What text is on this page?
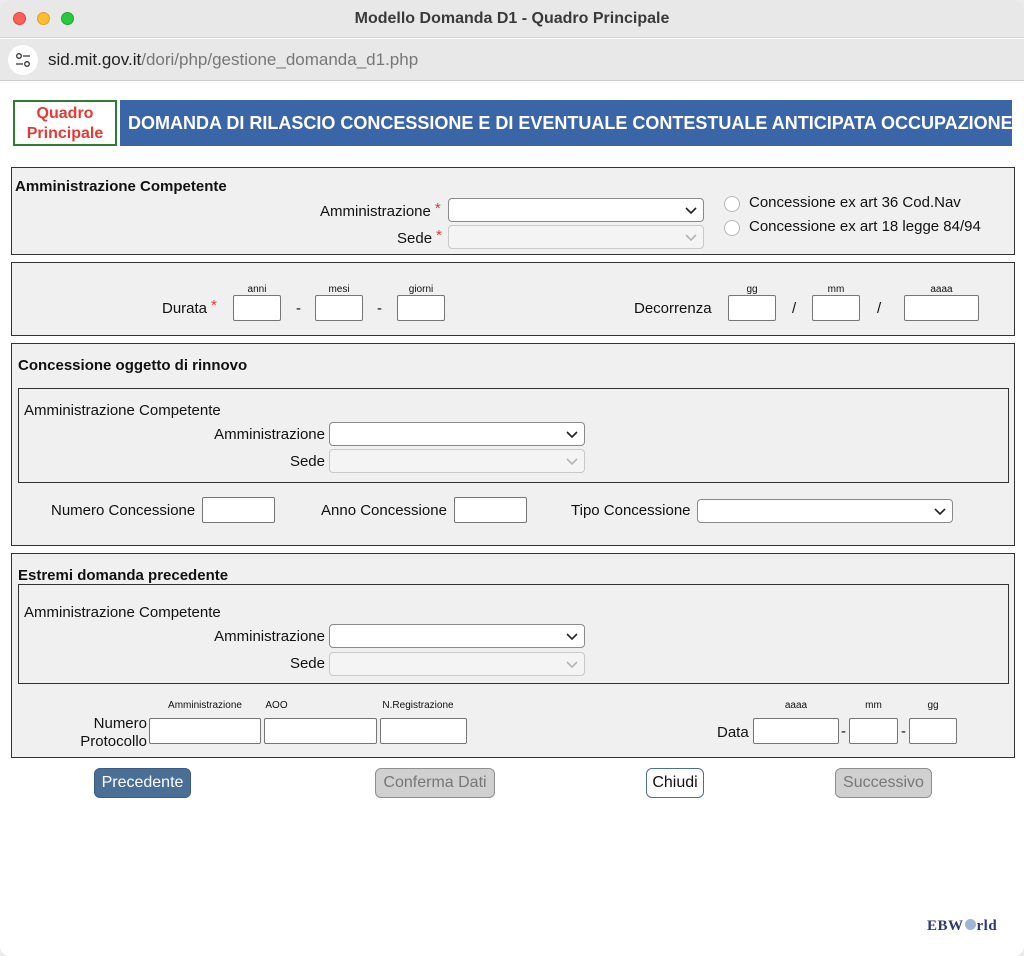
Modello Domanda D1 - Quadro Principale
sid.mit.gov.it/dori/php/gestione_domanda_d1.php
Quadro
Principale
DOMANDA DI RILASCIO CONCESSIONE E DI EVENTUALE CONTESTUALE ANTICIPATA OCCUPAZIONE
Amministrazione Competente
Amministrazione *
Sede *
Concessione ex art 36 Cod.Nav
Concessione ex art 18 legge 84/94
Durata *
anni
-
mesi
-
giorni
Decorrenza
gg
/
mm
/
aaaa
Concessione oggetto di rinnovo
Amministrazione Competente
Amministrazione
Sede
Numero Concessione	Anno Concessione	Tipo Concessione
Estremi domanda precedente
Amministrazione Competente
Amministrazione
Sede
Numero
Protocollo
Amministrazione	AOO	N.Registrazione
Data
aaaa
-
mm
-
gg
Precedente	Conferma Dati	Chiudi	Successivo
EBW rld
